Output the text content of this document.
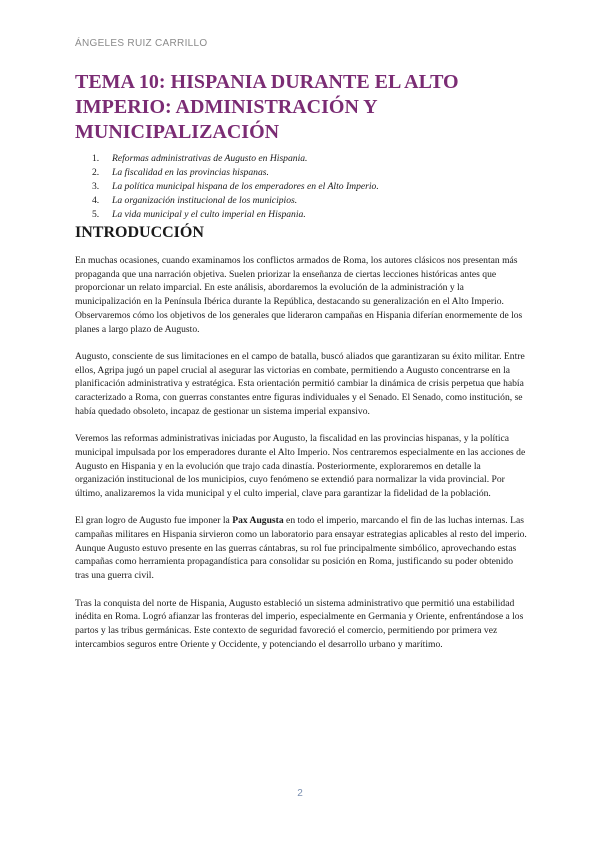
ÁNGELES RUIZ CARRILLO
TEMA 10: HISPANIA DURANTE EL ALTO IMPERIO: ADMINISTRACIÓN Y MUNICIPALIZACIÓN
1. Reformas administrativas de Augusto en Hispania.
2. La fiscalidad en las provincias hispanas.
3. La política municipal hispana de los emperadores en el Alto Imperio.
4. La organización institucional de los municipios.
5. La vida municipal y el culto imperial en Hispania.
INTRODUCCIÓN

En muchas ocasiones, cuando examinamos los conflictos armados de Roma, los autores clásicos nos presentan más propaganda que una narración objetiva. Suelen priorizar la enseñanza de ciertas lecciones históricas antes que proporcionar un relato imparcial. En este análisis, abordaremos la evolución de la administración y la municipalización en la Península Ibérica durante la República, destacando su generalización en el Alto Imperio. Observaremos cómo los objetivos de los generales que lideraron campañas en Hispania diferían enormemente de los planes a largo plazo de Augusto.

Augusto, consciente de sus limitaciones en el campo de batalla, buscó aliados que garantizaran su éxito militar. Entre ellos, Agripa jugó un papel crucial al asegurar las victorias en combate, permitiendo a Augusto concentrarse en la planificación administrativa y estratégica. Esta orientación permitió cambiar la dinámica de crisis perpetua que había caracterizado a Roma, con guerras constantes entre figuras individuales y el Senado. El Senado, como institución, se había quedado obsoleto, incapaz de gestionar un sistema imperial expansivo.

Veremos las reformas administrativas iniciadas por Augusto, la fiscalidad en las provincias hispanas, y la política municipal impulsada por los emperadores durante el Alto Imperio. Nos centraremos especialmente en las acciones de Augusto en Hispania y en la evolución que trajo cada dinastía. Posteriormente, exploraremos en detalle la organización institucional de los municipios, cuyo fenómeno se extendió para normalizar la vida provincial. Por último, analizaremos la vida municipal y el culto imperial, clave para garantizar la fidelidad de la población.

El gran logro de Augusto fue imponer la Pax Augusta en todo el imperio, marcando el fin de las luchas internas. Las campañas militares en Hispania sirvieron como un laboratorio para ensayar estrategias aplicables al resto del imperio. Aunque Augusto estuvo presente en las guerras cántabras, su rol fue principalmente simbólico, aprovechando estas campañas como herramienta propagandística para consolidar su posición en Roma, justificando su poder obtenido tras una guerra civil.

Tras la conquista del norte de Hispania, Augusto estableció un sistema administrativo que permitió una estabilidad inédita en Roma. Logró afianzar las fronteras del imperio, especialmente en Germania y Oriente, enfrentándose a los partos y las tribus germánicas. Este contexto de seguridad favoreció el comercio, permitiendo por primera vez intercambios seguros entre Oriente y Occidente, y potenciando el desarrollo urbano y marítimo.

2
